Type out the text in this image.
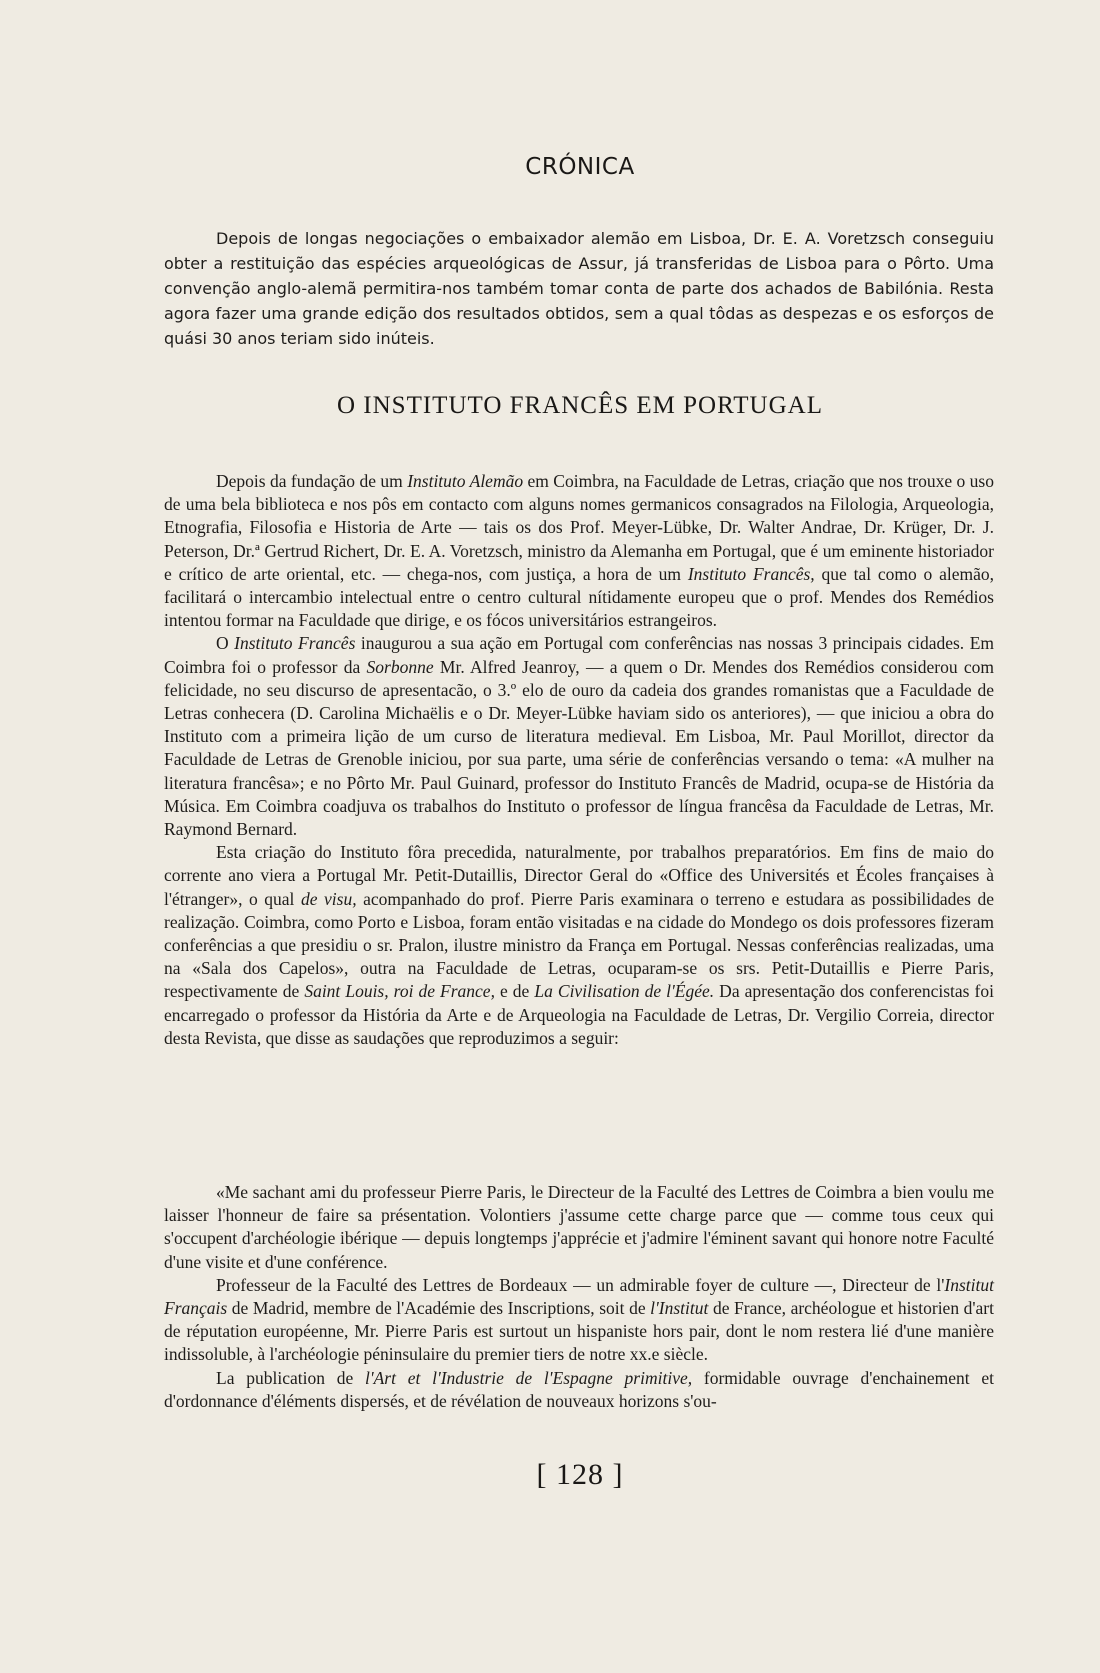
CRÓNICA

Depois de longas negociações o embaixador alemão em Lisboa, Dr. E. A. Voretzsch conseguiu obter a restituição das espécies arqueológicas de Assur, já transferidas de Lisboa para o Pôrto. Uma convenção anglo-alemã permitira-nos também tomar conta de parte dos achados de Babilónia. Resta agora fazer uma grande edição dos resultados obtidos, sem a qual tôdas as despezas e os esforços de quási 30 anos teriam sido inúteis.

O INSTITUTO FRANCÊS EM PORTUGAL

Depois da fundação de um Instituto Alemão em Coimbra, na Faculdade de Letras, criação que nos trouxe o uso de uma bela biblioteca e nos pôs em contacto com alguns nomes germanicos consagrados na Filologia, Arqueologia, Etnografia, Filosofia e Historia de Arte — tais os dos Prof. Meyer-Lübke, Dr. Walter Andrae, Dr. Krüger, Dr. J. Peterson, Dr.ª Gertrud Richert, Dr. E. A. Voretzsch, ministro da Alemanha em Portugal, que é um eminente historiador e crítico de arte oriental, etc. — chega-nos, com justiça, a hora de um Instituto Francês, que tal como o alemão, facilitará o intercambio intelectual entre o centro cultural nítidamente europeu que o prof. Mendes dos Remédios intentou formar na Faculdade que dirige, e os fócos universitários estrangeiros.

O Instituto Francês inaugurou a sua ação em Portugal com conferências nas nossas 3 principais cidades. Em Coimbra foi o professor da Sorbonne Mr. Alfred Jeanroy, — a quem o Dr. Mendes dos Remédios considerou com felicidade, no seu discurso de apresentacão, o 3.º elo de ouro da cadeia dos grandes romanistas que a Faculdade de Letras conhecera (D. Carolina Michaëlis e o Dr. Meyer-Lübke haviam sido os anteriores), — que iniciou a obra do Instituto com a primeira lição de um curso de literatura medieval. Em Lisboa, Mr. Paul Morillot, director da Faculdade de Letras de Grenoble iniciou, por sua parte, uma série de conferências versando o tema: «A mulher na literatura francêsa»; e no Pôrto Mr. Paul Guinard, professor do Instituto Francês de Madrid, ocupa-se de História da Música. Em Coimbra coadjuva os trabalhos do Instituto o professor de língua francêsa da Faculdade de Letras, Mr. Raymond Bernard.

Esta criação do Instituto fôra precedida, naturalmente, por trabalhos preparatórios. Em fins de maio do corrente ano viera a Portugal Mr. Petit-Dutaillis, Director Geral do «Office des Universités et Écoles françaises à l'étranger», o qual de visu, acompanhado do prof. Pierre Paris examinara o terreno e estudara as possibilidades de realização. Coimbra, como Porto e Lisboa, foram então visitadas e na cidade do Mondego os dois professores fizeram conferências a que presidiu o sr. Pralon, ilustre ministro da França em Portugal. Nessas conferências realizadas, uma na «Sala dos Capelos», outra na Faculdade de Letras, ocuparam-se os srs. Petit-Dutaillis e Pierre Paris, respectivamente de Saint Louis, roi de France, e de La Civilisation de l'Égée. Da apresentação dos conferencistas foi encarregado o professor da História da Arte e de Arqueologia na Faculdade de Letras, Dr. Vergilio Correia, director desta Revista, que disse as saudações que reproduzimos a seguir:

«Me sachant ami du professeur Pierre Paris, le Directeur de la Faculté des Lettres de Coimbra a bien voulu me laisser l'honneur de faire sa présentation. Volontiers j'assume cette charge parce que — comme tous ceux qui s'occupent d'archéologie ibérique — depuis longtemps j'apprécie et j'admire l'éminent savant qui honore notre Faculté d'une visite et d'une conférence.

Professeur de la Faculté des Lettres de Bordeaux — un admirable foyer de culture —, Directeur de l'Institut Français de Madrid, membre de l'Académie des Inscriptions, soit de l'Institut de France, archéologue et historien d'art de réputation européenne, Mr. Pierre Paris est surtout un hispaniste hors pair, dont le nom restera lié d'une manière indissoluble, à l'archéologie péninsulaire du premier tiers de notre xx.e siècle.

La publication de l'Art et l'Industrie de l'Espagne primitive, formidable ouvrage d'enchainement et d'ordonnance d'éléments dispersés, et de révélation de nouveaux horizons s'ou-

[ 128 ]
